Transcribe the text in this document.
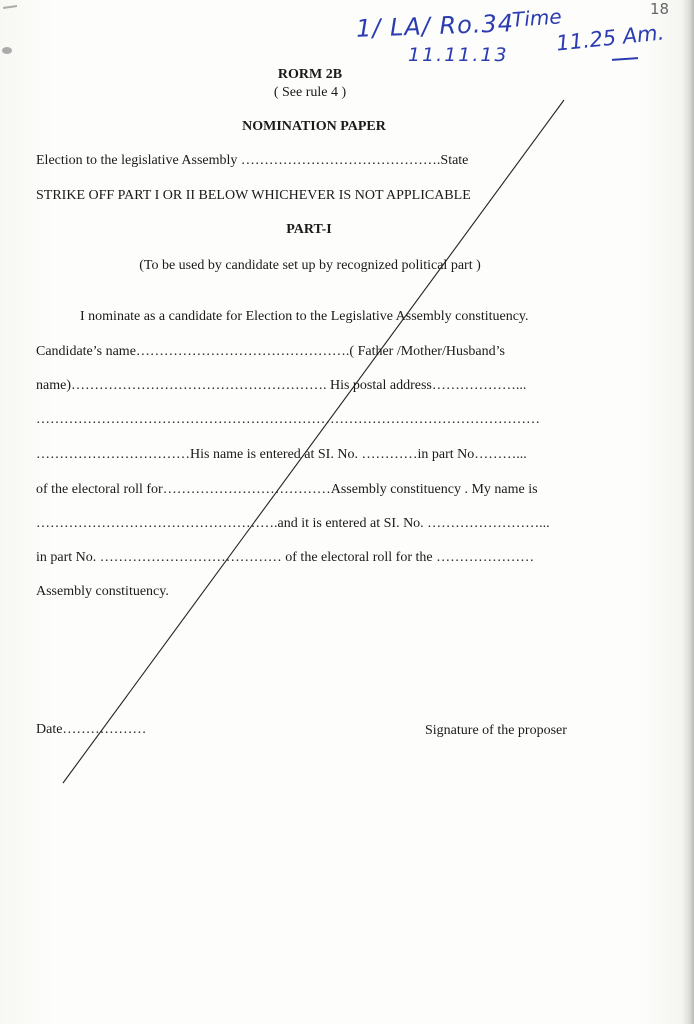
1/ LA/ Ro.34
11.11.13
Time
11.25 Am.
18
RORM 2B
( See rule 4 )
NOMINATION PAPER
Election to the legislative Assembly …………………………………….State
STRIKE OFF PART I OR II BELOW WHICHEVER IS NOT APPLICABLE
PART-I
(To be used by candidate set up by recognized political part )
I nominate as a candidate for Election to the Legislative Assembly constituency.
Candidate’s name……………………………………….( Father /Mother/Husband’s
name)………………………………………………. His postal address………………...
………………………………………………………………………………………………
……………………………His name is entered at SI. No. …………in part No………...
of the electoral roll for………………………………Assembly constituency . My name is
…………………………………………….and it is entered at SI. No. ……………………...
in part No. ………………………………… of the electoral roll for the …………………
Assembly constituency.
Date………………	Signature of the proposer
